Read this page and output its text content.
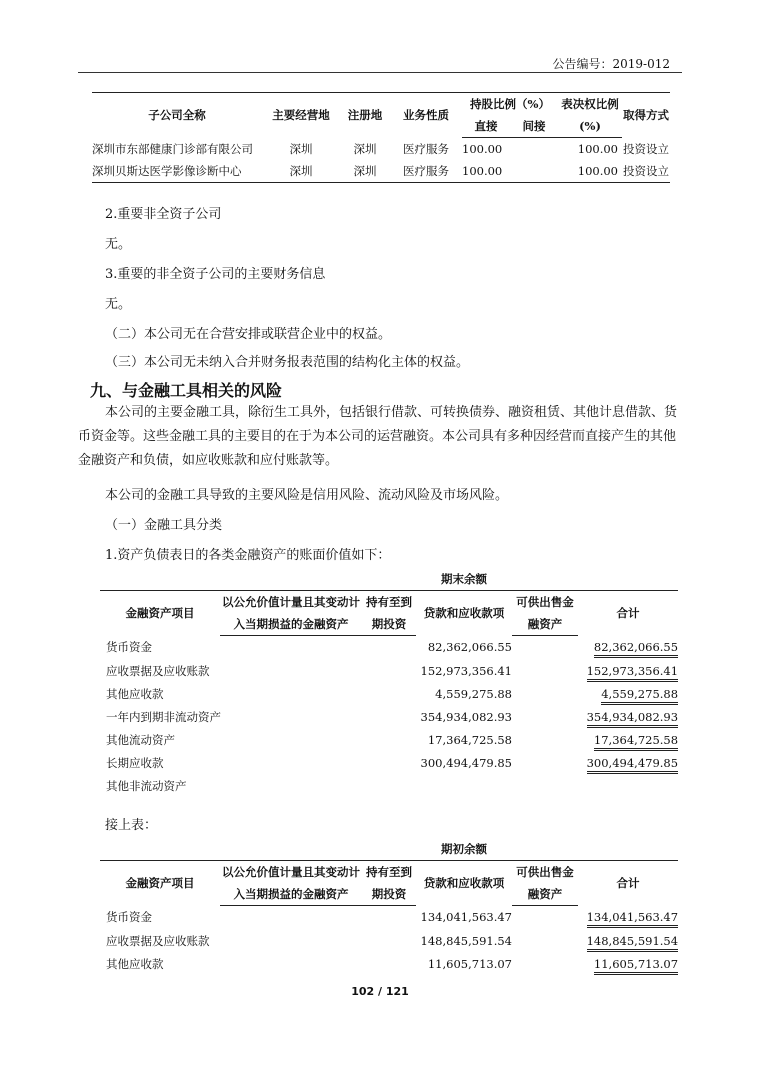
公告编号：2019-012
子公司全称	主要经营地	注册地	业务性质	持股比例（%）		表决权比例	取得方式
				直接	间接	(%)	
深圳市东部健康门诊部有限公司	深圳	深圳	医疗服务	100.00		100.00	投资设立
深圳贝斯达医学影像诊断中心	深圳	深圳	医疗服务	100.00		100.00	投资设立
2.重要非全资子公司
无。
3.重要的非全资子公司的主要财务信息
无。
（二）本公司无在合营安排或联营企业中的权益。
（三）本公司无未纳入合并财务报表范围的结构化主体的权益。
九、与金融工具相关的风险
本公司的主要金融工具，除衍生工具外，包括银行借款、可转换债券、融资租赁、其他计息借款、货币资金等。这些金融工具的主要目的在于为本公司的运营融资。本公司具有多种因经营而直接产生的其他金融资产和负债，如应收账款和应付账款等。
本公司的金融工具导致的主要风险是信用风险、流动风险及市场风险。
（一）金融工具分类
1.资产负债表日的各类金融资产的账面价值如下：
期末余额					
金融资产项目	以公允价值计量且其变动计	持有至到	贷款和应收款项	可供出售金	合计
	入当期损益的金融资产	期投资		融资产	
货币资金			82,362,066.55		82,362,066.55
应收票据及应收账款			152,973,356.41		152,973,356.41
其他应收款			4,559,275.88		4,559,275.88
一年内到期非流动资产			354,934,082.93		354,934,082.93
其他流动资产			17,364,725.58		17,364,725.58
长期应收款			300,494,479.85		300,494,479.85
其他非流动资产					
接上表：
期初余额					
金融资产项目	以公允价值计量且其变动计	持有至到	贷款和应收款项	可供出售金	合计
	入当期损益的金融资产	期投资		融资产	
货币资金			134,041,563.47		134,041,563.47
应收票据及应收账款			148,845,591.54		148,845,591.54
其他应收款			11,605,713.07		11,605,713.07
102 / 121
